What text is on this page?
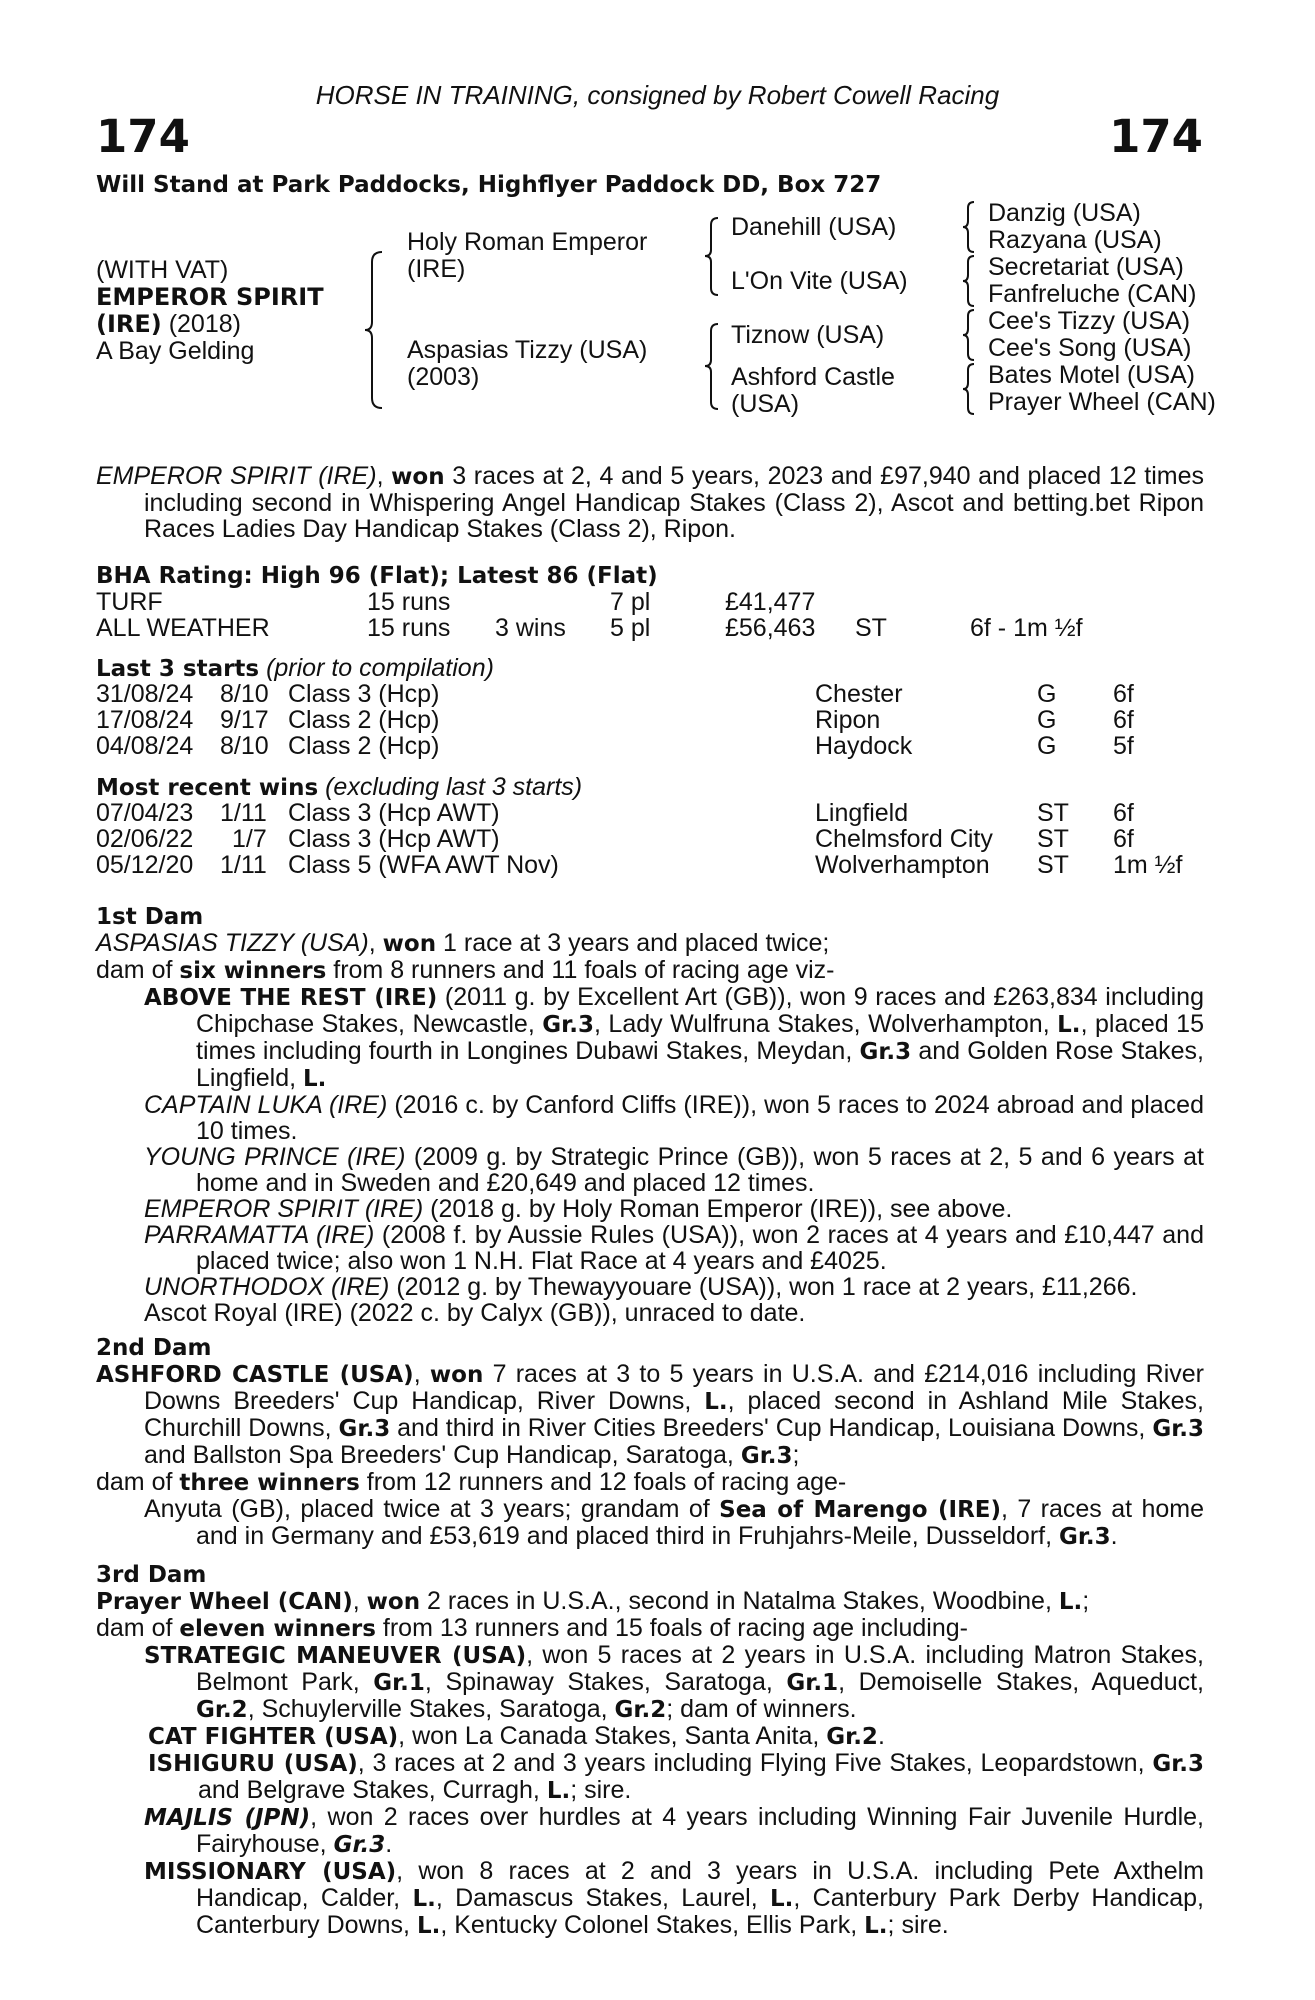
HORSE IN TRAINING, consigned by Robert Cowell Racing
174	174
Will Stand at Park Paddocks, Highflyer Paddock DD, Box 727
(WITH VAT)
EMPEROR SPIRIT
(IRE) (2018)
A Bay Gelding
Holy Roman Emperor
(IRE)
Aspasias Tizzy (USA)
(2003)
Danehill (USA)
L'On Vite (USA)
Tiznow (USA)
Ashford Castle
(USA)
Danzig (USA)
Razyana (USA)
Secretariat (USA)
Fanfreluche (CAN)
Cee's Tizzy (USA)
Cee's Song (USA)
Bates Motel (USA)
Prayer Wheel (CAN)

EMPEROR SPIRIT (IRE), won 3 races at 2, 4 and 5 years, 2023 and £97,940 and placed 12 times including second in Whispering Angel Handicap Stakes (Class 2), Ascot and betting.bet Ripon Races Ladies Day Handicap Stakes (Class 2), Ripon.

BHA Rating: High 96 (Flat); Latest 86 (Flat)
TURF	15 runs	7 pl	£41,477
ALL WEATHER	15 runs 3 wins 5 pl	£56,463 ST	6f - 1m ½f
Last 3 starts (prior to compilation)
31/08/24 8/10 Class 3 (Hcp)	Chester	G 6f
17/08/24 9/17 Class 2 (Hcp)	Ripon	G 6f
04/08/24 8/10 Class 2 (Hcp)	Haydock	G 5f
Most recent wins (excluding last 3 starts)
07/04/23 1/11 Class 3 (Hcp AWT)	Lingfield	ST 6f
02/06/22 1/7 Class 3 (Hcp AWT)	Chelmsford City ST 6f
05/12/20 1/11 Class 5 (WFA AWT Nov)	Wolverhampton ST 1m ½f

1st Dam

ASPASIAS TIZZY (USA), won 1 race at 3 years and placed twice;

dam of six winners from 8 runners and 11 foals of racing age viz-

ABOVE THE REST (IRE) (2011 g. by Excellent Art (GB)), won 9 races and £263,834 including Chipchase Stakes, Newcastle, Gr.3, Lady Wulfruna Stakes, Wolverhampton, L., placed 15 times including fourth in Longines Dubawi Stakes, Meydan, Gr.3 and Golden Rose Stakes, Lingfield, L.

CAPTAIN LUKA (IRE) (2016 c. by Canford Cliffs (IRE)), won 5 races to 2024 abroad and placed 10 times.

YOUNG PRINCE (IRE) (2009 g. by Strategic Prince (GB)), won 5 races at 2, 5 and 6 years at home and in Sweden and £20,649 and placed 12 times.

EMPEROR SPIRIT (IRE) (2018 g. by Holy Roman Emperor (IRE)), see above.

PARRAMATTA (IRE) (2008 f. by Aussie Rules (USA)), won 2 races at 4 years and £10,447 and placed twice; also won 1 N.H. Flat Race at 4 years and £4025.

UNORTHODOX (IRE) (2012 g. by Thewayyouare (USA)), won 1 race at 2 years, £11,266.

Ascot Royal (IRE) (2022 c. by Calyx (GB)), unraced to date.

2nd Dam

ASHFORD CASTLE (USA), won 7 races at 3 to 5 years in U.S.A. and £214,016 including River Downs Breeders' Cup Handicap, River Downs, L., placed second in Ashland Mile Stakes, Churchill Downs, Gr.3 and third in River Cities Breeders' Cup Handicap, Louisiana Downs, Gr.3 and Ballston Spa Breeders' Cup Handicap, Saratoga, Gr.3;

dam of three winners from 12 runners and 12 foals of racing age-

Anyuta (GB), placed twice at 3 years; grandam of Sea of Marengo (IRE), 7 races at home and in Germany and £53,619 and placed third in Fruhjahrs-Meile, Dusseldorf, Gr.3.

3rd Dam

Prayer Wheel (CAN), won 2 races in U.S.A., second in Natalma Stakes, Woodbine, L.;

dam of eleven winners from 13 runners and 15 foals of racing age including-

STRATEGIC MANEUVER (USA), won 5 races at 2 years in U.S.A. including Matron Stakes, Belmont Park, Gr.1, Spinaway Stakes, Saratoga, Gr.1, Demoiselle Stakes, Aqueduct, Gr.2, Schuylerville Stakes, Saratoga, Gr.2; dam of winners.

CAT FIGHTER (USA), won La Canada Stakes, Santa Anita, Gr.2.

ISHIGURU (USA), 3 races at 2 and 3 years including Flying Five Stakes, Leopardstown, Gr.3 and Belgrave Stakes, Curragh, L.; sire.

MAJLIS (JPN), won 2 races over hurdles at 4 years including Winning Fair Juvenile Hurdle, Fairyhouse, Gr.3.

MISSIONARY (USA), won 8 races at 2 and 3 years in U.S.A. including Pete Axthelm Handicap, Calder, L., Damascus Stakes, Laurel, L., Canterbury Park Derby Handicap, Canterbury Downs, L., Kentucky Colonel Stakes, Ellis Park, L.; sire.
